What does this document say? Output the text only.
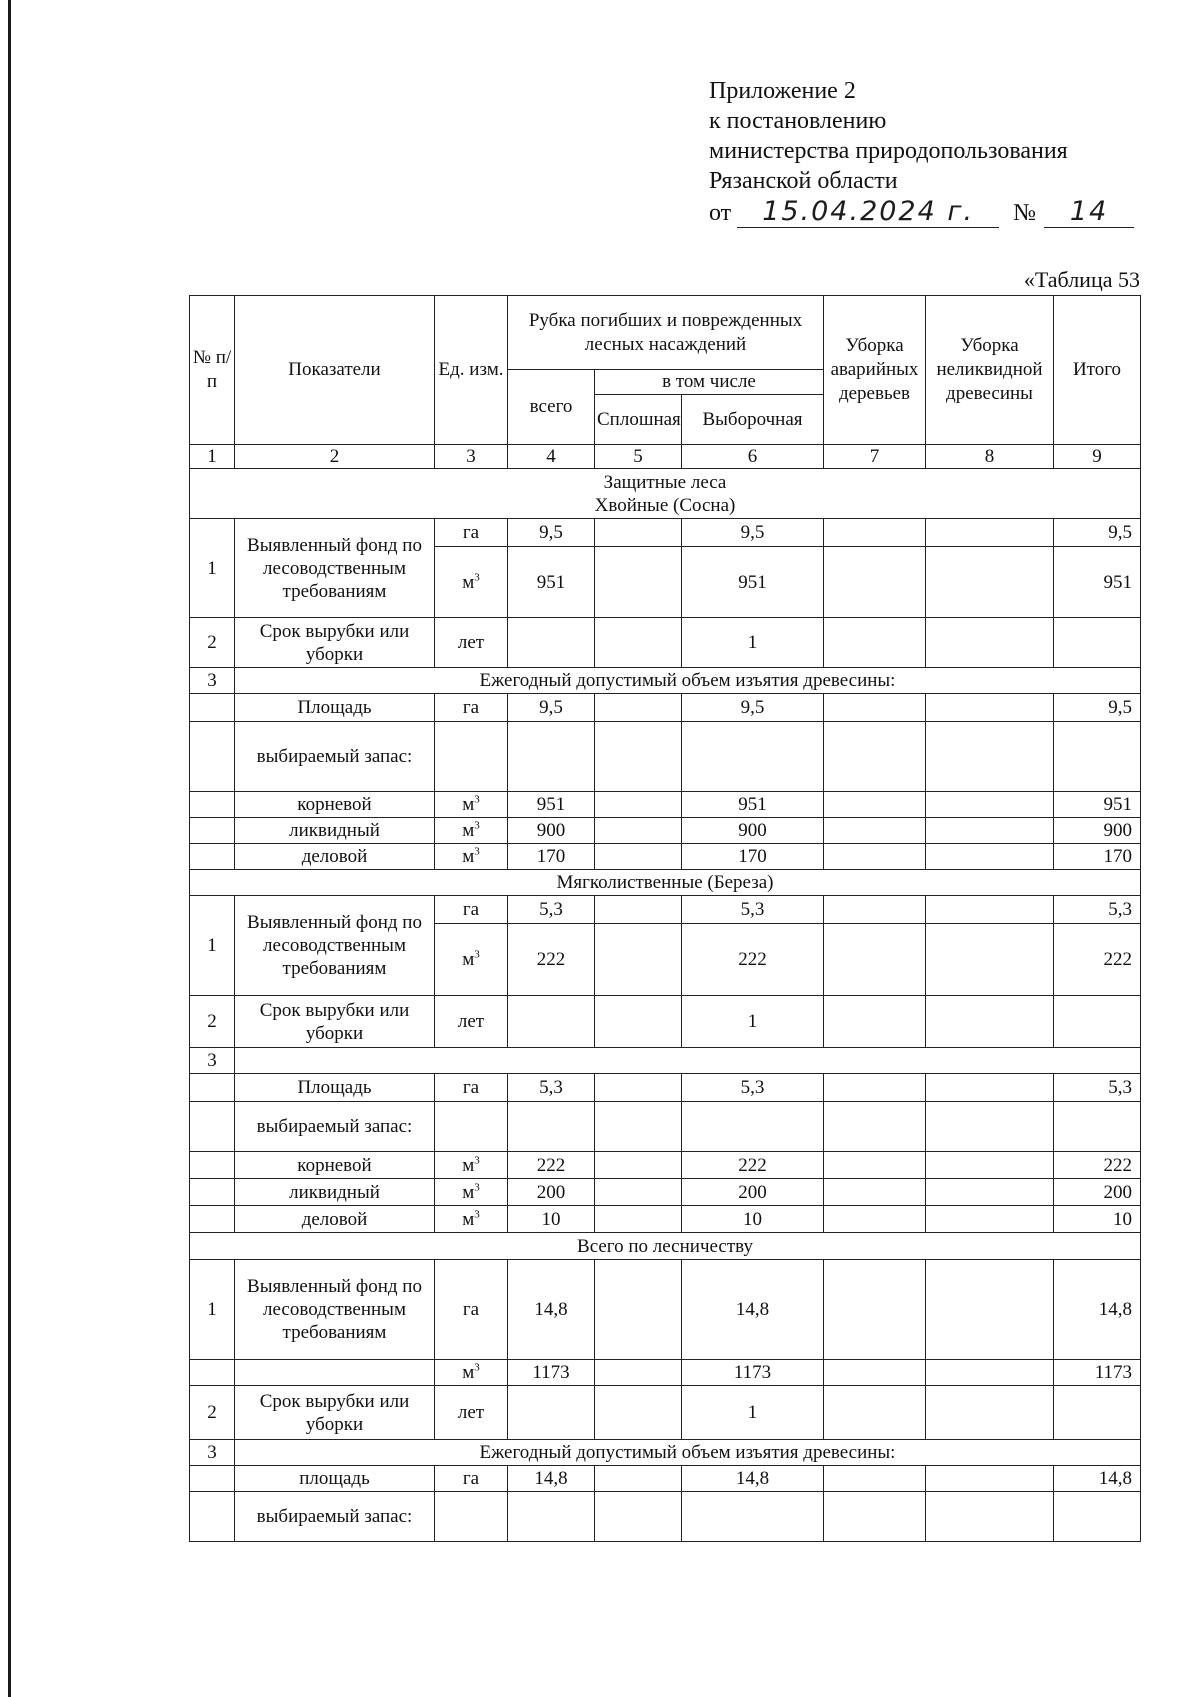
Приложение 2
к постановлению
министерства природопользования
Рязанской области
от	15.04.2024 г.	№	14
«Таблица 53
№ п/ п	Показатели	Ед. изм.	Рубка погибших и поврежденных лесных насаждений			Уборка аварийных деревьев	Уборка неликвидной древесины	Итого
			всего	в том числе				
				Сплошная	Выборочная			
1	2	3	4	5	6	7	8	9

Защитные леса
Хвойные (Сосна)								

1	Выявленный фонд по лесоводственным требованиям	га	9,5		9,5			9,5
		$м^3$	951		951			951
2	Срок вырубки или уборки	лет			1			
3	Ежегодный допустимый объем изъятия древесины:							
	Площадь	га	9,5		9,5			9,5
	выбираемый запас:							
	корневой	$м^3$	951		951			951
	ликвидный	$м^3$	900		900			900
	деловой	$м^3$	170		170			170
Мягколиственные (Береза)								
1	Выявленный фонд по лесоводственным требованиям	га	5,3		5,3			5,3
		$м^3$	222		222			222
2	Срок вырубки или уборки	лет			1			
3								
	Площадь	га	5,3		5,3			5,3
	выбираемый запас:							
	корневой	$м^3$	222		222			222
	ликвидный	$м^3$	200		200			200
	деловой	$м^3$	10		10			10
Всего по лесничеству								
1	Выявленный фонд по лесоводственным требованиям	га	14,8		14,8			14,8
		$м^3$	1173		1173			1173
2	Срок вырубки или уборки	лет			1			
3	Ежегодный допустимый объем изъятия древесины:							
	площадь	га	14,8		14,8			14,8
	выбираемый запас:							
